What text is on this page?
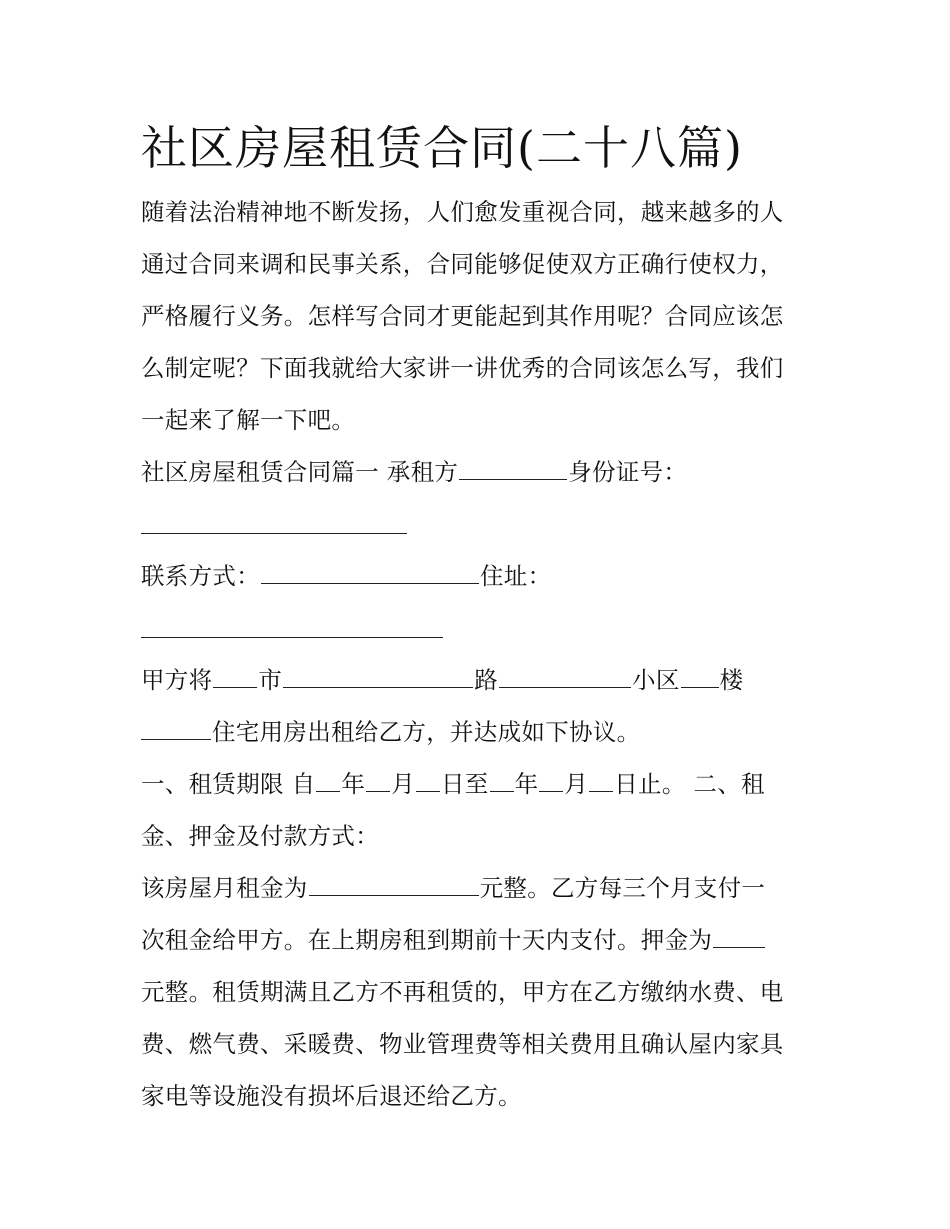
社区房屋租赁合同(二十八篇)
随着法治精神地不断发扬，人们愈发重视合同，越来越多的人
通过合同来调和民事关系，合同能够促使双方正确行使权力，
严格履行义务。怎样写合同才更能起到其作用呢？合同应该怎
么制定呢？下面我就给大家讲一讲优秀的合同该怎么写，我们
一起来了解一下吧。
社区房屋租赁合同篇一 承租方	身份证号：
联系方式：	住址：
甲方将 市	路	小区 楼
住宅用房出租给乙方，并达成如下协议。
一、租赁期限 自 年 月 日至 年 月 日止。 二、租
金、押金及付款方式：
该房屋月租金为	元整。乙方每三个月支付一
次租金给甲方。在上期房租到期前十天内支付。押金为
元整。租赁期满且乙方不再租赁的，甲方在乙方缴纳水费、电
费、燃气费、采暖费、物业管理费等相关费用且确认屋内家具
家电等设施没有损坏后退还给乙方。
